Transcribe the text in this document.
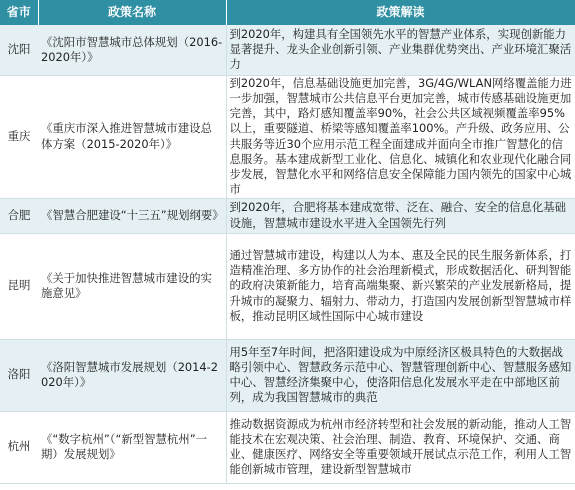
省市	政策名称	政策解读
沈阳	《沈阳市智慧城市总体规划（2016-2020年）》	到2020年，构建具有全国领先水平的智慧产业体系，实现创新能力显著提升、龙头企业创新引领、产业集群优势突出、产业环境汇聚活力
重庆	《重庆市深入推进智慧城市建设总体方案（2015-2020年）》	到2020年，信息基础设施更加完善，3G/4G/WLAN网络覆盖能力进一步加强，智慧城市公共信息平台更加完善，城市传感基础设施更加完善，其中，路灯感知覆盖率90%，社会公共区域视频覆盖率95%以上，重要隧道、桥梁等感知覆盖率100%。产升级、政务应用、公共服务等近30个应用示范工程全面建成并面向全市推广智慧化的信息服务。基本建成新型工业化、信息化、城镇化和农业现代化融合同步发展，智慧化水平和网络信息安全保障能力国内领先的国家中心城市
合肥	《智慧合肥建设“十三五”规划纲要》	到2020年，合肥将基本建成宽带、泛在、融合、安全的信息化基础设施，智慧城市建设水平进入全国领先行列
昆明	《关于加快推进智慧城市建设的实施意见》	通过智慧城市建设，构建以人为本、惠及全民的民生服务新体系，打造精准治理、多方协作的社会治理新模式，形成数据活化、研判智能的政府决策新能力，培育高端集聚、新兴繁荣的产业发展新格局，提升城市的凝聚力、辐射力、带动力，打造国内发展创新型智慧城市样板，推动昆明区域性国际中心城市建设
洛阳	《洛阳智慧城市发展规划（2014-2020年）》	用5年至7年时间，把洛阳建设成为中原经济区极具特色的大数据战略引领中心、智慧政务示范中心、智慧管理创新中心、智慧服务感知中心、智慧经济集聚中心，使洛阳信息化发展水平走在中部地区前列，成为我国智慧城市的典范
杭州	《“数字杭州”（“新型智慧杭州”一期）发展规划》	推动数据资源成为杭州市经济转型和社会发展的新动能，推动人工智能技术在宏观决策、社会治理、制造、教育、环境保护、交通、商业、健康医疗、网络安全等重要领域开展试点示范工作，利用人工智能创新城市管理，建设新型智慧城市
